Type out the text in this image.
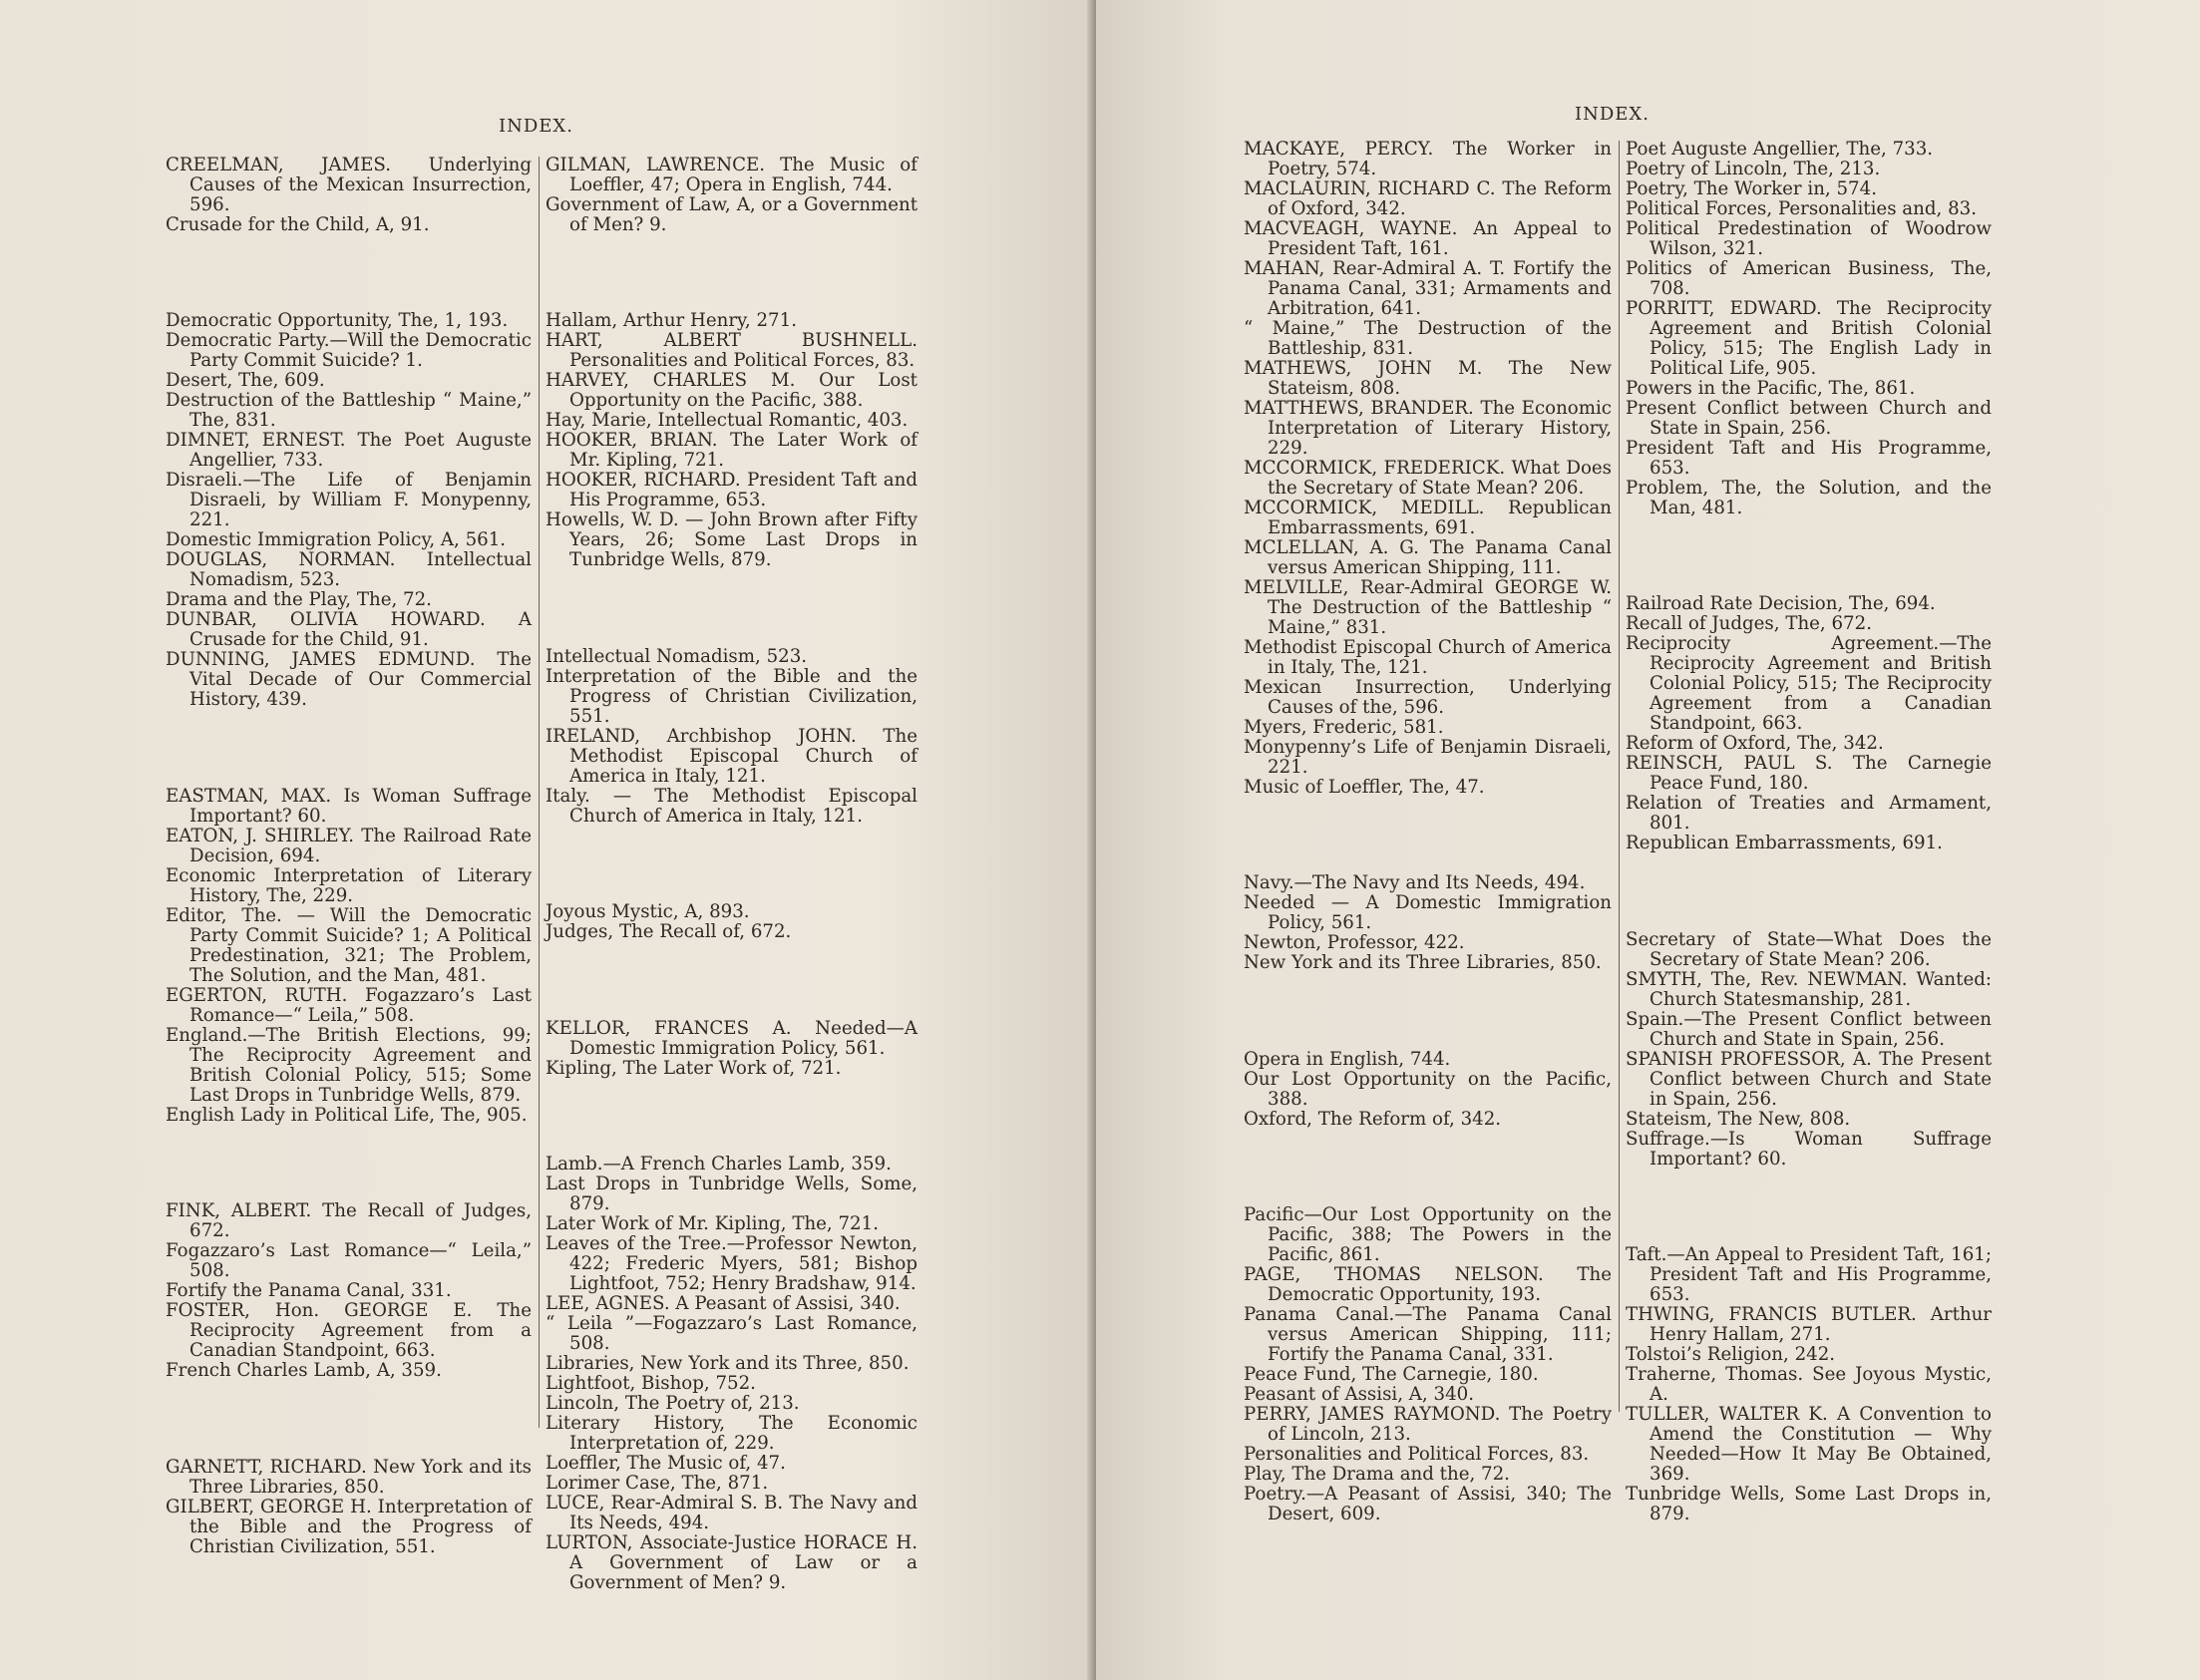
INDEX.

CREELMAN, JAMES. Underlying Causes of the Mexican Insurrection, 596.

Crusade for the Child, A, 91.

Democratic Opportunity, The, 1, 193.

Democratic Party.—Will the Democratic Party Commit Suicide? 1.

Desert, The, 609.

Destruction of the Battleship “ Maine,” The, 831.

DIMNET, ERNEST. The Poet Auguste Angellier, 733.

Disraeli.—The Life of Benjamin Disraeli, by William F. Monypenny, 221.

Domestic Immigration Policy, A, 561.

DOUGLAS, NORMAN. Intellectual Nomadism, 523.

Drama and the Play, The, 72.

DUNBAR, OLIVIA HOWARD. A Crusade for the Child, 91.

DUNNING, JAMES EDMUND. The Vital Decade of Our Commercial History, 439.

EASTMAN, MAX. Is Woman Suffrage Important? 60.

EATON, J. SHIRLEY. The Railroad Rate Decision, 694.

Economic Interpretation of Literary History, The, 229.

Editor, The. — Will the Democratic Party Commit Suicide? 1; A Political Predestination, 321; The Problem, The Solution, and the Man, 481.

EGERTON, RUTH. Fogazzaro’s Last Romance—“ Leila,” 508.

England.—The British Elections, 99; The Reciprocity Agreement and British Colonial Policy, 515; Some Last Drops in Tunbridge Wells, 879.

English Lady in Political Life, The, 905.

FINK, ALBERT. The Recall of Judges, 672.

Fogazzaro’s Last Romance—“ Leila,” 508.

Fortify the Panama Canal, 331.

FOSTER, Hon. GEORGE E. The Reciprocity Agreement from a Canadian Standpoint, 663.

French Charles Lamb, A, 359.

GARNETT, RICHARD. New York and its Three Libraries, 850.

GILBERT, GEORGE H. Interpretation of the Bible and the Progress of Christian Civilization, 551.

GILMAN, LAWRENCE. The Music of Loeffler, 47; Opera in English, 744.

Government of Law, A, or a Government of Men? 9.

Hallam, Arthur Henry, 271.

HART, ALBERT BUSHNELL. Personalities and Political Forces, 83.

HARVEY, CHARLES M. Our Lost Opportunity on the Pacific, 388.

Hay, Marie, Intellectual Romantic, 403.

HOOKER, BRIAN. The Later Work of Mr. Kipling, 721.

HOOKER, RICHARD. President Taft and His Programme, 653.

Howells, W. D. — John Brown after Fifty Years, 26; Some Last Drops in Tunbridge Wells, 879.

Intellectual Nomadism, 523.

Interpretation of the Bible and the Progress of Christian Civilization, 551.

IRELAND, Archbishop JOHN. The Methodist Episcopal Church of America in Italy, 121.

Italy. — The Methodist Episcopal Church of America in Italy, 121.

Joyous Mystic, A, 893.

Judges, The Recall of, 672.

KELLOR, FRANCES A. Needed—A Domestic Immigration Policy, 561.

Kipling, The Later Work of, 721.

Lamb.—A French Charles Lamb, 359.

Last Drops in Tunbridge Wells, Some, 879.

Later Work of Mr. Kipling, The, 721.

Leaves of the Tree.—Professor Newton, 422; Frederic Myers, 581; Bishop Lightfoot, 752; Henry Bradshaw, 914.

LEE, AGNES. A Peasant of Assisi, 340.

“ Leila ”—Fogazzaro’s Last Romance, 508.

Libraries, New York and its Three, 850.

Lightfoot, Bishop, 752.

Lincoln, The Poetry of, 213.

Literary History, The Economic Interpretation of, 229.

Loeffler, The Music of, 47.

Lorimer Case, The, 871.

LUCE, Rear-Admiral S. B. The Navy and Its Needs, 494.

LURTON, Associate-Justice HORACE H. A Government of Law or a Government of Men? 9.

INDEX.

MACKAYE, PERCY. The Worker in Poetry, 574.

MACLAURIN, RICHARD C. The Reform of Oxford, 342.

MACVEAGH, WAYNE. An Appeal to President Taft, 161.

MAHAN, Rear-Admiral A. T. Fortify the Panama Canal, 331; Armaments and Arbitration, 641.

“ Maine,” The Destruction of the Battleship, 831.

MATHEWS, JOHN M. The New Stateism, 808.

MATTHEWS, BRANDER. The Economic Interpretation of Literary History, 229.

MCCORMICK, FREDERICK. What Does the Secretary of State Mean? 206.

MCCORMICK, MEDILL. Republican Embarrassments, 691.

MCLELLAN, A. G. The Panama Canal versus American Shipping, 111.

MELVILLE, Rear-Admiral GEORGE W. The Destruction of the Battleship “ Maine,” 831.

Methodist Episcopal Church of America in Italy, The, 121.

Mexican Insurrection, Underlying Causes of the, 596.

Myers, Frederic, 581.

Monypenny’s Life of Benjamin Disraeli, 221.

Music of Loeffler, The, 47.

Navy.—The Navy and Its Needs, 494.

Needed — A Domestic Immigration Policy, 561.

Newton, Professor, 422.

New York and its Three Libraries, 850.

Opera in English, 744.

Our Lost Opportunity on the Pacific, 388.

Oxford, The Reform of, 342.

Pacific—Our Lost Opportunity on the Pacific, 388; The Powers in the Pacific, 861.

PAGE, THOMAS NELSON. The Democratic Opportunity, 193.

Panama Canal.—The Panama Canal versus American Shipping, 111; Fortify the Panama Canal, 331.

Peace Fund, The Carnegie, 180.

Peasant of Assisi, A, 340.

PERRY, JAMES RAYMOND. The Poetry of Lincoln, 213.

Personalities and Political Forces, 83.

Play, The Drama and the, 72.

Poetry.—A Peasant of Assisi, 340; The Desert, 609.

Poet Auguste Angellier, The, 733.

Poetry of Lincoln, The, 213.

Poetry, The Worker in, 574.

Political Forces, Personalities and, 83.

Political Predestination of Woodrow Wilson, 321.

Politics of American Business, The, 708.

PORRITT, EDWARD. The Reciprocity Agreement and British Colonial Policy, 515; The English Lady in Political Life, 905.

Powers in the Pacific, The, 861.

Present Conflict between Church and State in Spain, 256.

President Taft and His Programme, 653.

Problem, The, the Solution, and the Man, 481.

Railroad Rate Decision, The, 694.

Recall of Judges, The, 672.

Reciprocity Agreement.—The Reciprocity Agreement and British Colonial Policy, 515; The Reciprocity Agreement from a Canadian Standpoint, 663.

Reform of Oxford, The, 342.

REINSCH, PAUL S. The Carnegie Peace Fund, 180.

Relation of Treaties and Armament, 801.

Republican Embarrassments, 691.

Secretary of State—What Does the Secretary of State Mean? 206.

SMYTH, The, Rev. NEWMAN. Wanted: Church Statesmanship, 281.

Spain.—The Present Conflict between Church and State in Spain, 256.

SPANISH PROFESSOR, A. The Present Conflict between Church and State in Spain, 256.

Stateism, The New, 808.

Suffrage.—Is Woman Suffrage Important? 60.

Taft.—An Appeal to President Taft, 161; President Taft and His Programme, 653.

THWING, FRANCIS BUTLER. Arthur Henry Hallam, 271.

Tolstoi’s Religion, 242.

Traherne, Thomas. See Joyous Mystic, A.

TULLER, WALTER K. A Convention to Amend the Constitution — Why Needed—How It May Be Obtained, 369.

Tunbridge Wells, Some Last Drops in, 879.
